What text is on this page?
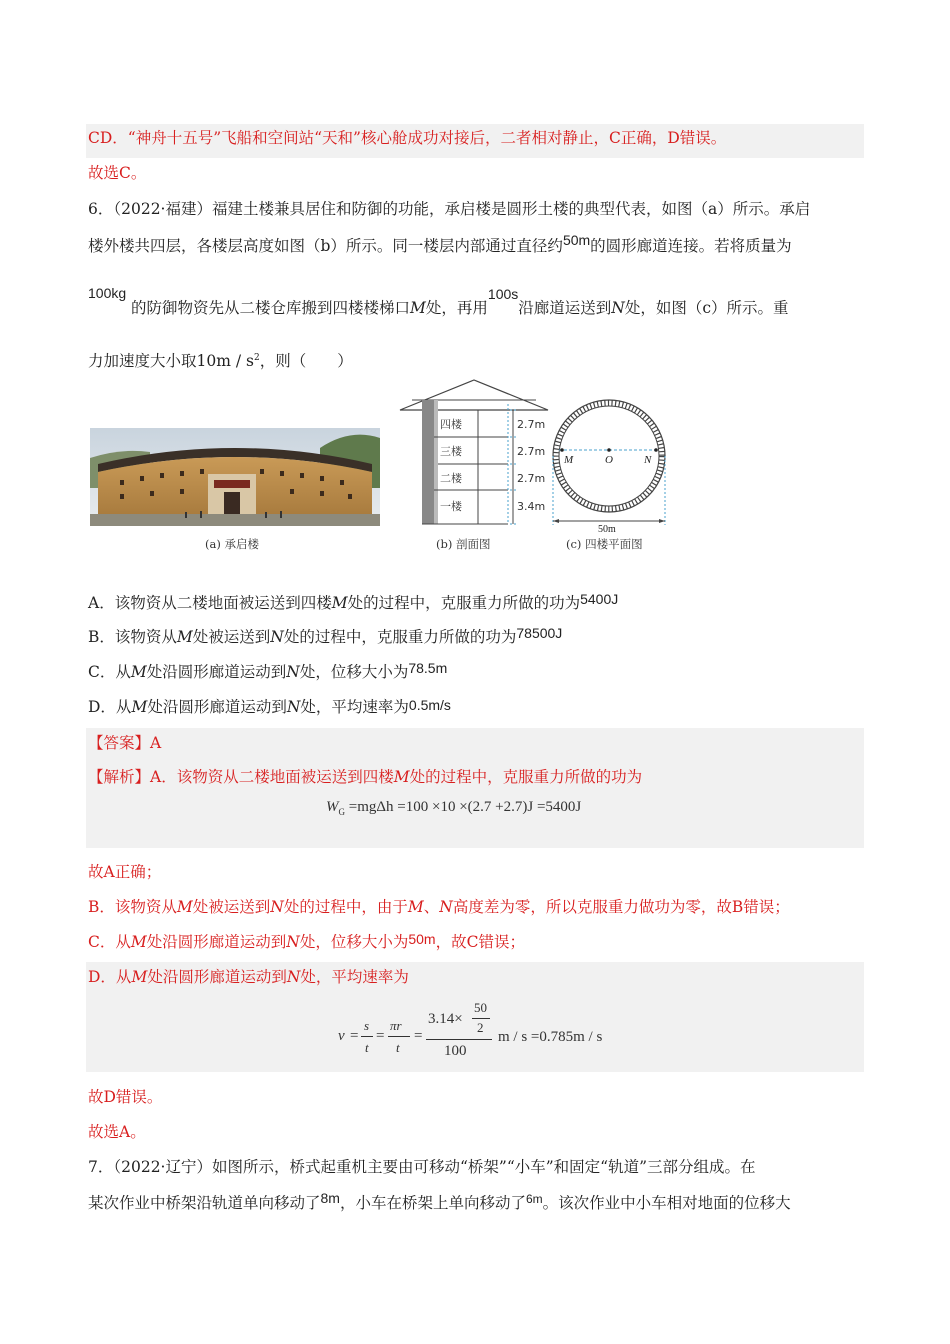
CD．“神舟十五号”飞船和空间站“天和”核心舱成功对接后，二者相对静止，C正确，D错误。
故选C。
6．（2022·福建）福建土楼兼具居住和防御的功能，承启楼是圆形土楼的典型代表，如图（a）所示。承启
楼外楼共四层，各楼层高度如图（b）所示。同一楼层内部通过直径约50m的圆形廊道连接。若将质量为
100kg
的防御物资先从二楼仓库搬到四楼楼梯口M处，再用100s沿廊道运送到N处，如图（c）所示。重
力加速度大小取$10m / s^2$，则（　　）
(a) 承启楼
四楼
三楼
二楼
一楼
2.7m
2.7m
2.7m
3.4m
(b) 剖面图
M	O	N
50m
(c) 四楼平面图
A．该物资从二楼地面被运送到四楼M处的过程中，克服重力所做的功为5400J
B．该物资从M处被运送到N处的过程中，克服重力所做的功为78500J
C．从M处沿圆形廊道运动到N处，位移大小为78.5m
D．从M处沿圆形廊道运动到N处，平均速率为0.5m/s
【答案】A
【解析】A．该物资从二楼地面被运送到四楼M处的过程中，克服重力所做的功为
$W_G =mg\Delta h =100 \times 10 \times(2.7 +2.7)J =5400J$
故A正确；
B．该物资从M处被运送到N处的过程中，由于M、N高度差为零，所以克服重力做功为零，故B错误；
C．从M处沿圆形廊道运动到N处，位移大小为50m，故C错误；
D．从M处沿圆形廊道运动到N处，平均速率为
v =
s
t
=
πr
t
=
3.14×
50
2
100
m / s =0.785m / s
故D错误。
故选A。
7．（2022·辽宁）如图所示，桥式起重机主要由可移动“桥架”“小车”和固定“轨道”三部分组成。在
某次作业中桥架沿轨道单向移动了8m，小车在桥架上单向移动了$^{6m}$。该次作业中小车相对地面的位移大
